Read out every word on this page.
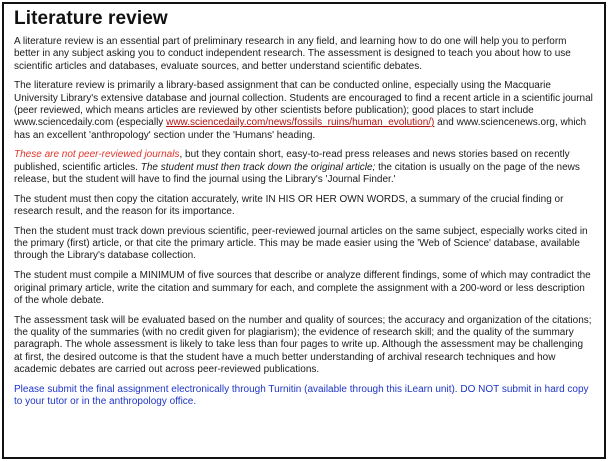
Literature review

A literature review is an essential part of preliminary research in any field, and learning how to do one will help you to perform better in any subject asking you to conduct independent research. The assessment is designed to teach you about how to use scientific articles and databases, evaluate sources, and better understand scientific debates.

The literature review is primarily a library-based assignment that can be conducted online, especially using the Macquarie University Library's extensive database and journal collection. Students are encouraged to find a recent article in a scientific journal (peer reviewed, which means articles are reviewed by other scientists before publication); good places to start include www.sciencedaily.com (especially www.sciencedaily.com/news/fossils_ruins/human_evolution/) and www.sciencenews.org, which has an excellent 'anthropology' section under the 'Humans' heading.

These are not peer-reviewed journals, but they contain short, easy-to-read press releases and news stories based on recently published, scientific articles. The student must then track down the original article; the citation is usually on the page of the news release, but the student will have to find the journal using the Library's 'Journal Finder.'

The student must then copy the citation accurately, write IN HIS OR HER OWN WORDS, a summary of the crucial finding or research result, and the reason for its importance.

Then the student must track down previous scientific, peer-reviewed journal articles on the same subject, especially works cited in the primary (first) article, or that cite the primary article. This may be made easier using the 'Web of Science' database, available through the Library's database collection.

The student must compile a MINIMUM of five sources that describe or analyze different findings, some of which may contradict the original primary article, write the citation and summary for each, and complete the assignment with a 200-word or less description of the whole debate.

The assessment task will be evaluated based on the number and quality of sources; the accuracy and organization of the citations; the quality of the summaries (with no credit given for plagiarism); the evidence of research skill; and the quality of the summary paragraph. The whole assessment is likely to take less than four pages to write up. Although the assessment may be challenging at first, the desired outcome is that the student have a much better understanding of archival research techniques and how academic debates are carried out across peer-reviewed publications.

Please submit the final assignment electronically through Turnitin (available through this iLearn unit). DO NOT submit in hard copy to your tutor or in the anthropology office.
